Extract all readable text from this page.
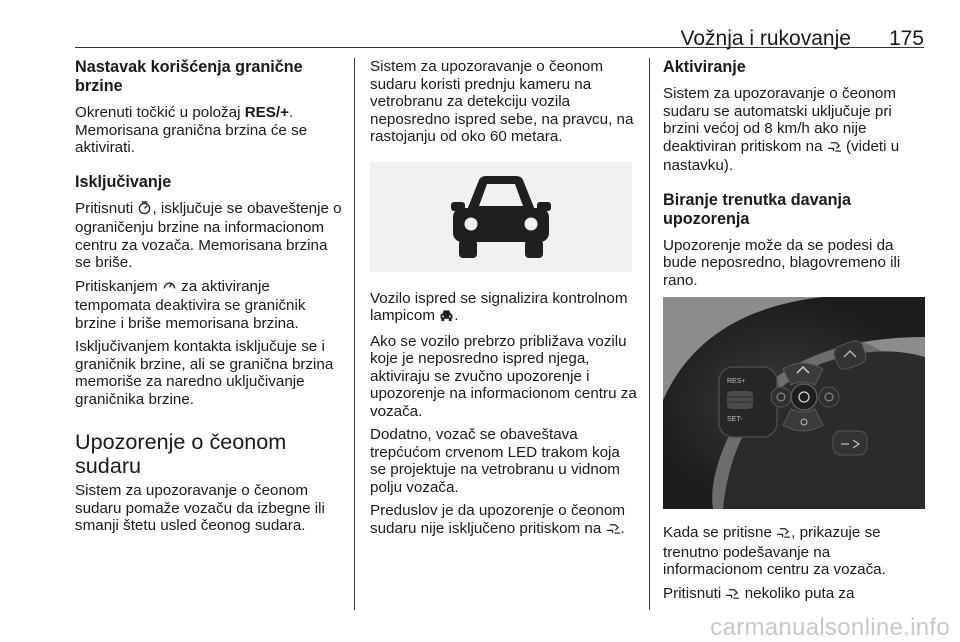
Vožnja i rukovanje 175
Nastavak korišćenja granične brzine

Okrenuti točkić u položaj RES/+. Memorisana granična brzina će se aktivirati.

Isključivanje

Pritisnuti , isključuje se obaveštenje o ograničenju brzine na informacionom centru za vozača. Memorisana brzina se briše.

Pritiskanjem  za aktiviranje tempomata deaktivira se graničnik brzine i briše memorisana brzina.

Isključivanjem kontakta isključuje se i graničnik brzine, ali se granična brzina memoriše za naredno uključivanje graničnika brzine.

Upozorenje o čeonom sudaru

Sistem za upozoravanje o čeonom sudaru pomaže vozaču da izbegne ili smanji štetu usled čeonog sudara.

Sistem za upozoravanje o čeonom sudaru koristi prednju kameru na vetrobranu za detekciju vozila neposredno ispred sebe, na pravcu, na rastojanju od oko 60 metara.

Vozilo ispred se signalizira kontrolnom lampicom .

Ako se vozilo prebrzo približava vozilu koje je neposredno ispred njega, aktiviraju se zvučno upozorenje i upozorenje na informacionom centru za vozača.

Dodatno, vozač se obaveštava trepćućom crvenom LED trakom koja se projektuje na vetrobranu u vidnom polju vozača.

Preduslov je da upozorenje o čeonom sudaru nije isključeno pritiskom na .

Aktiviranje

Sistem za upozoravanje o čeonom sudaru se automatski uključuje pri brzini većoj od 8 km/h ako nije deaktiviran pritiskom na  (videti u nastavku).

Biranje trenutka davanja upozorenja

Upozorenje može da se podesi da bude neposredno, blagovremeno ili rano.

RES+
SET-

Kada se pritisne , prikazuje se trenutno podešavanje na informacionom centru za vozača.

Pritisnuti  nekoliko puta za

carmanualsonline.info
